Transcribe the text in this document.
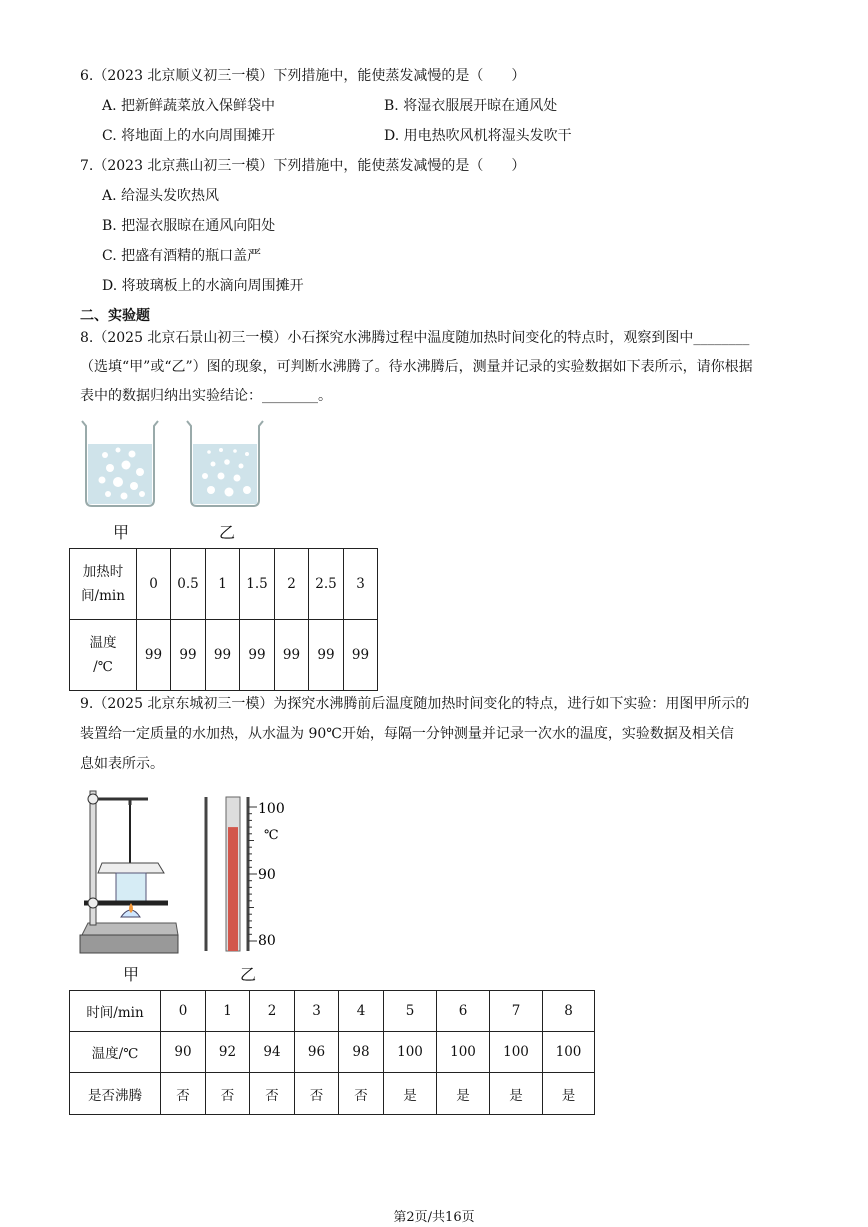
6.（2023 北京顺义初三一模）下列措施中，能使蒸发减慢的是（　　）
A. 把新鲜蔬菜放入保鲜袋中	B. 将湿衣服展开晾在通风处
C. 将地面上的水向周围摊开	D. 用电热吹风机将湿头发吹干
7.（2023 北京燕山初三一模）下列措施中，能使蒸发减慢的是（　　）
A. 给湿头发吹热风
B. 把湿衣服晾在通风向阳处
C. 把盛有酒精的瓶口盖严
D. 将玻璃板上的水滴向周围摊开
二、实验题
8.（2025 北京石景山初三一模）小石探究水沸腾过程中温度随加热时间变化的特点时，观察到图中________
（选填“甲”或“乙”）图的现象，可判断水沸腾了。待水沸腾后，测量并记录的实验数据如下表所示，请你根据
表中的数据归纳出实验结论：________。
甲	乙
加热时
间/min	0	0.5	1	1.5	2	2.5	3
温度
/℃	99	99	99	99	99	99	99
9.（2025 北京东城初三一模）为探究水沸腾前后温度随加热时间变化的特点，进行如下实验：用图甲所示的
装置给一定质量的水加热，从水温为 90℃开始，每隔一分钟测量并记录一次水的温度，实验数据及相关信
息如表所示。
甲
100
℃
90
80
乙
时间/min	0	1	2	3	4	5	6	7	8
温度/℃	90	92	94	96	98	100	100	100	100
是否沸腾	否	否	否	否	否	是	是	是	是
第2页/共16页
